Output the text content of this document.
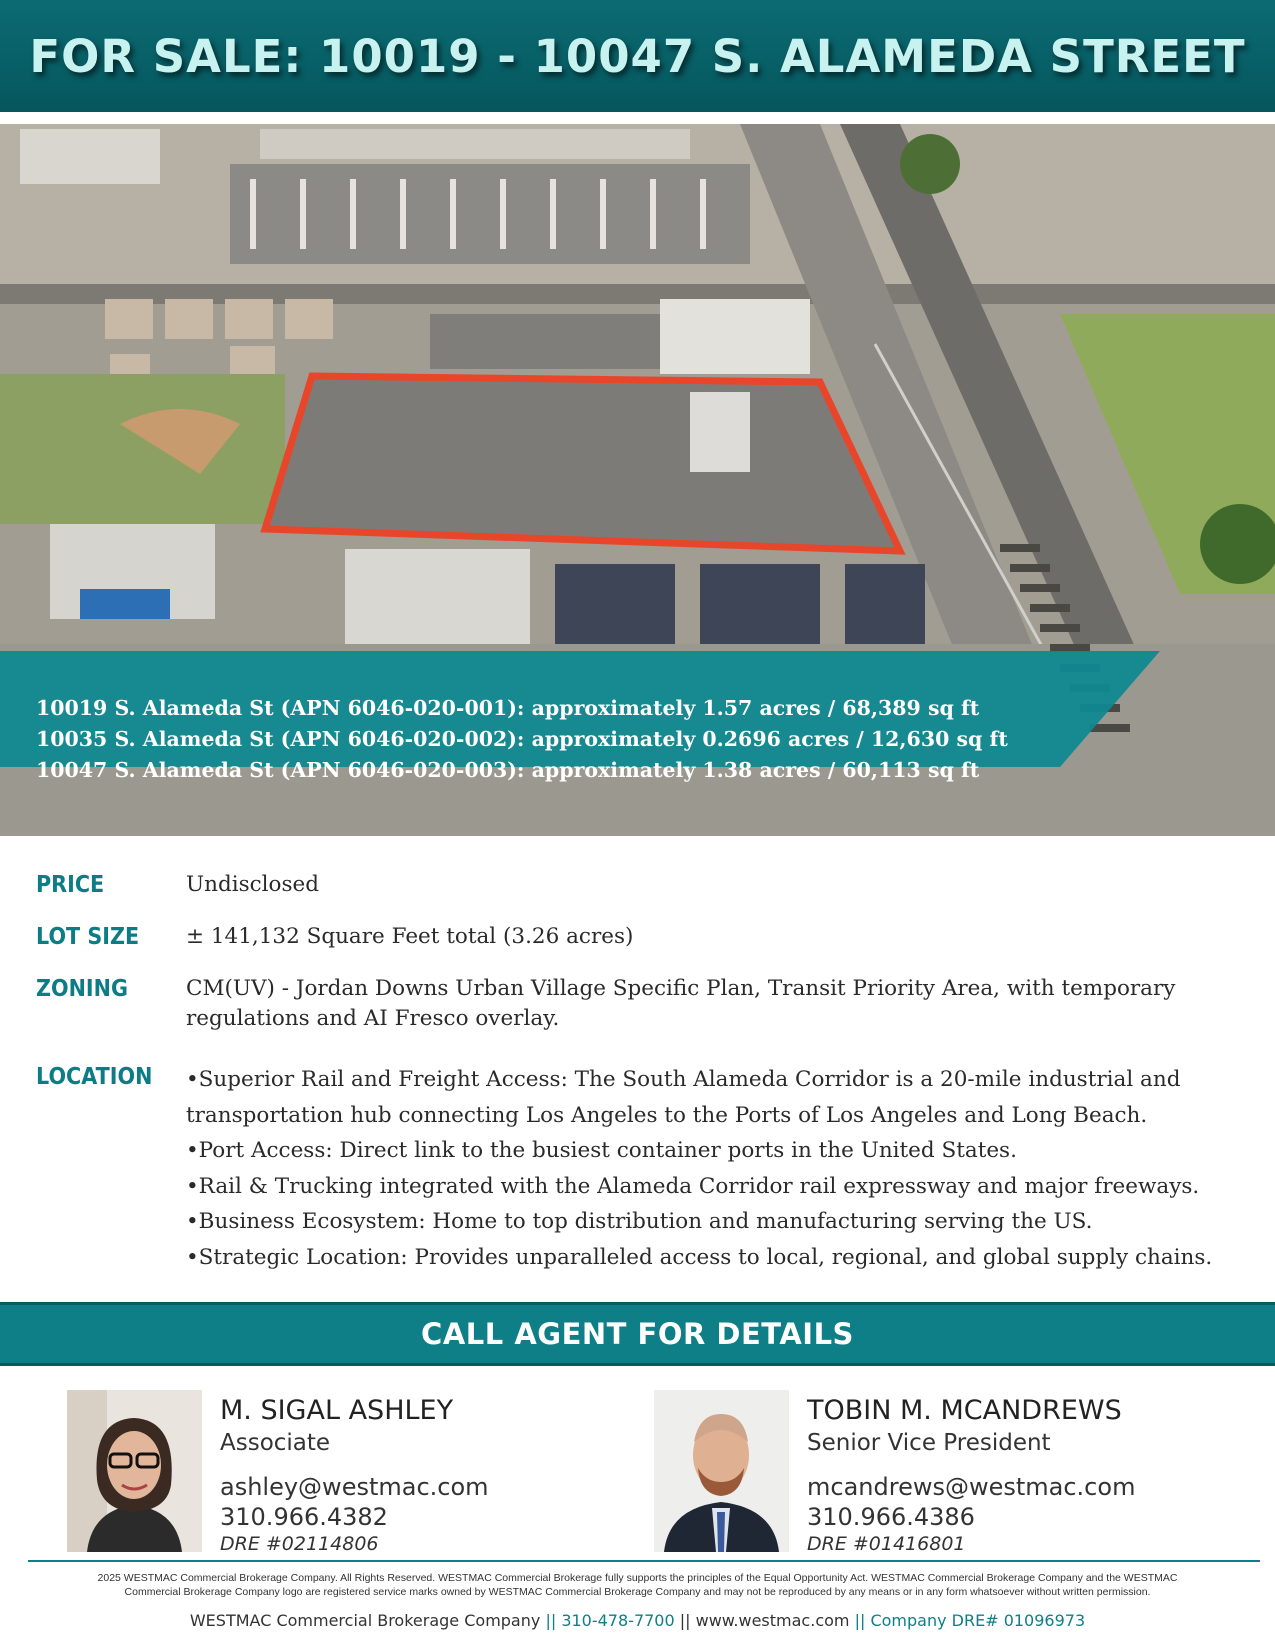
FOR SALE: 10019 - 10047 S. ALAMEDA STREET
10019 S. Alameda St (APN 6046-020-001): approximately 1.57 acres / 68,389 sq ft
10035 S. Alameda St (APN 6046-020-002): approximately 0.2696 acres / 12,630 sq ft
10047 S. Alameda St (APN 6046-020-003): approximately 1.38 acres / 60,113 sq ft
PRICE	Undisclosed
LOT SIZE	± 141,132 Square Feet total (3.26 acres)
ZONING	CM(UV) - Jordan Downs Urban Village Specific Plan, Transit Priority Area, with temporary regulations and AI Fresco overlay.
LOCATION	•Superior Rail and Freight Access: The South Alameda Corridor is a 20-mile industrial and
transportation hub connecting Los Angeles to the Ports of Los Angeles and Long Beach.
•Port Access: Direct link to the busiest container ports in the United States.
•Rail & Trucking integrated with the Alameda Corridor rail expressway and major freeways.
•Business Ecosystem: Home to top distribution and manufacturing serving the US.
•Strategic Location: Provides unparalleled access to local, regional, and global supply chains.
CALL AGENT FOR DETAILS
M. SIGAL ASHLEY
Associate
ashley@westmac.com
310.966.4382
DRE #02114806
TOBIN M. MCANDREWS
Senior Vice President
mcandrews@westmac.com
310.966.4386
DRE #01416801
2025 WESTMAC Commercial Brokerage Company. All Rights Reserved. WESTMAC Commercial Brokerage fully supports the principles of the Equal Opportunity Act. WESTMAC Commercial Brokerage Company and the WESTMAC
Commercial Brokerage Company logo are registered service marks owned by WESTMAC Commercial Brokerage Company and may not be reproduced by any means or in any form whatsoever without written permission.
WESTMAC Commercial Brokerage Company || 310-478-7700 || www.westmac.com || Company DRE# 01096973
